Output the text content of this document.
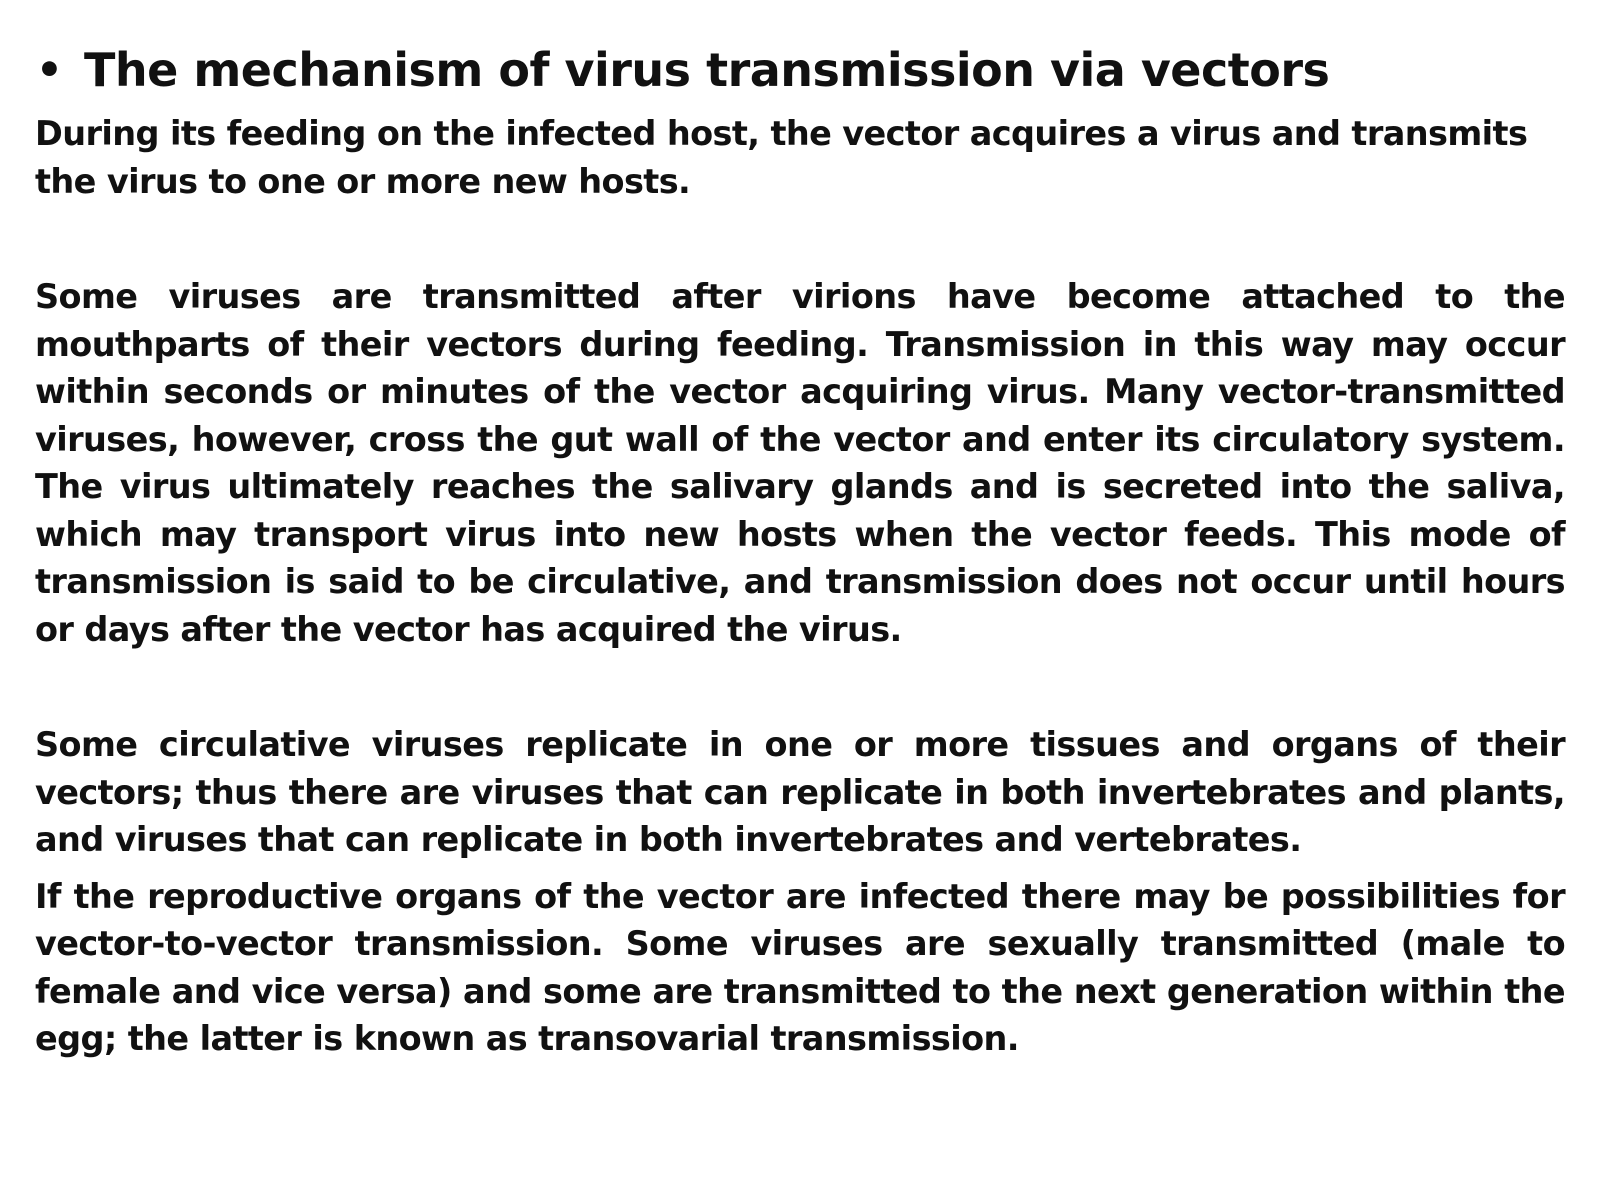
• The mechanism of virus transmission via vectors

During its feeding on the infected host, the vector acquires a virus and transmits the virus to one or more new hosts.

Some viruses are transmitted after virions have become attached to the mouthparts of their vectors during feeding. Transmission in this way may occur within seconds or minutes of the vector acquiring virus. Many vector-transmitted viruses, however, cross the gut wall of the vector and enter its circulatory system. The virus ultimately reaches the salivary glands and is secreted into the saliva, which may transport virus into new hosts when the vector feeds. This mode of transmission is said to be circulative, and transmission does not occur until hours or days after the vector has acquired the virus.

Some circulative viruses replicate in one or more tissues and organs of their vectors; thus there are viruses that can replicate in both invertebrates and plants, and viruses that can replicate in both invertebrates and vertebrates.

If the reproductive organs of the vector are infected there may be possibilities for vector-to-vector transmission. Some viruses are sexually transmitted (male to female and vice versa) and some are transmitted to the next generation within the egg; the latter is known as transovarial transmission.
